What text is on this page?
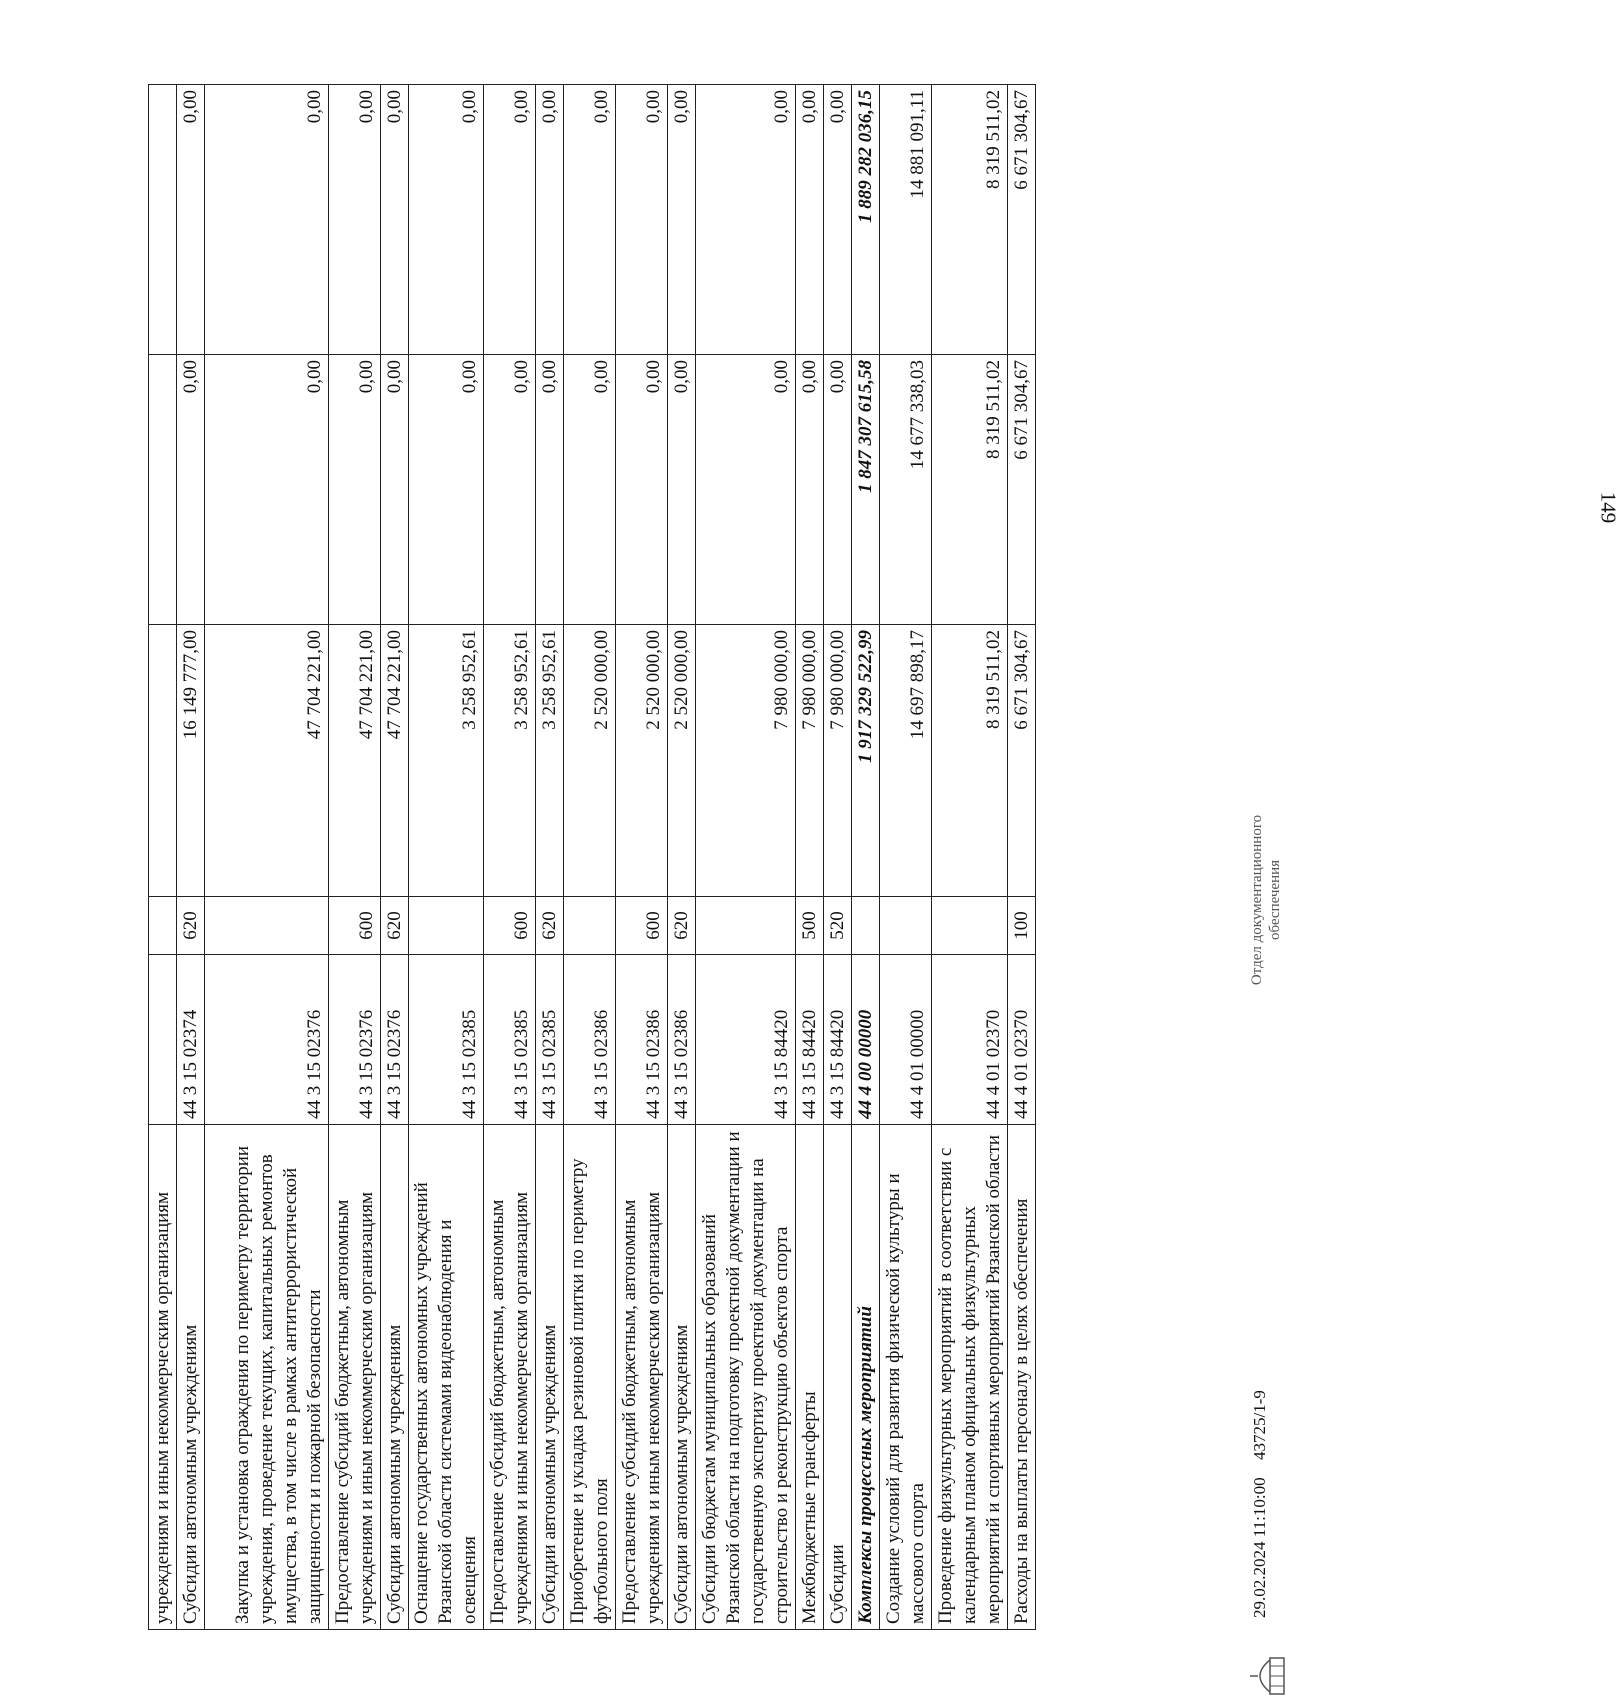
учреждениям и иным некоммерческим организациям					
Субсидии автономным учреждениям	44 3 15 02374	620	16 149 777,00	0,00	0,00
Закупка и установка ограждения по периметру территории учреждения, проведение текущих, капитальных ремонтов имущества, в том числе в рамках антитеррористической защищенности и пожарной безопасности	44 3 15 02376		47 704 221,00	0,00	0,00
Предоставление субсидий бюджетным, автономным учреждениям и иным некоммерческим организациям	44 3 15 02376	600	47 704 221,00	0,00	0,00
Субсидии автономным учреждениям	44 3 15 02376	620	47 704 221,00	0,00	0,00
Оснащение государственных автономных учреждений Рязанской области системами видеонаблюдения и освещения	44 3 15 02385		3 258 952,61	0,00	0,00
Предоставление субсидий бюджетным, автономным учреждениям и иным некоммерческим организациям	44 3 15 02385	600	3 258 952,61	0,00	0,00
Субсидии автономным учреждениям	44 3 15 02385	620	3 258 952,61	0,00	0,00
Приобретение и укладка резиновой плитки по периметру футбольного поля	44 3 15 02386		2 520 000,00	0,00	0,00
Предоставление субсидий бюджетным, автономным учреждениям и иным некоммерческим организациям	44 3 15 02386	600	2 520 000,00	0,00	0,00
Субсидии автономным учреждениям	44 3 15 02386	620	2 520 000,00	0,00	0,00
Субсидии бюджетам муниципальных образований Рязанской области на подготовку проектной документации и государственную экспертизу проектной документации на строительство и реконструкцию объектов спорта	44 3 15 84420		7 980 000,00	0,00	0,00
Межбюджетные трансферты	44 3 15 84420	500	7 980 000,00	0,00	0,00
Субсидии	44 3 15 84420	520	7 980 000,00	0,00	0,00
Комплексы процессных мероприятий	44 4 00 00000		1 917 329 522,99	1 847 307 615,58	1 889 282 036,15
Создание условий для развития физической культуры и массового спорта	44 4 01 00000		14 697 898,17	14 677 338,03	14 881 091,11
Проведение физкультурных мероприятий в соответствии с календарным планом официальных физкультурных мероприятий и спортивных мероприятий Рязанской области	44 4 01 02370		8 319 511,02	8 319 511,02	8 319 511,02
Расходы на выплаты персоналу в целях обеспечения	44 4 01 02370	100	6 671 304,67	6 671 304,67	6 671 304,67
29.02.2024 11:10:00
43725/1-9
Отдел документационного обеспечения
149
